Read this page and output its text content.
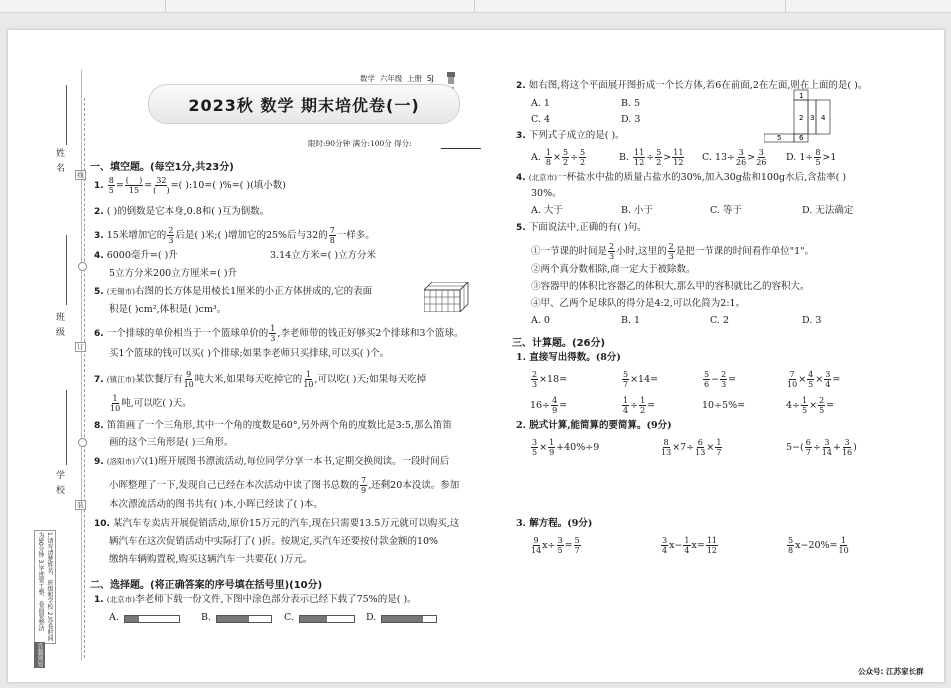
姓名
班级
学校
线
订
装
1.请写清楚姓名、班级和学校 2.答卷时间为90分钟 3.字迹要工整、卷面要整洁
答题须知
数学 六年级 上册 SJ
2023秋 数学 期末培优卷(一)
限时:90分钟 满分:100分 得分:
一、填空题。(每空1分,共23分)
1. $\frac{8}{5} = \frac{( )}{15} = \frac{32}{( )}$ =( ):10=( )%=( )(填小数)
2. ( )的倒数是它本身,0.8和( )互为倒数。
3. 15米增加它的 $\frac{2}{3}$ 后是( )米;( )增加它的25%后与32的 $\frac{7}{8}$ 一样多。
4. 6000毫升=( )升	3.14立方米=( )立方分米
5立方分米200立方厘米=( )升
5. (无锡市)右图的长方体是用棱长1厘米的小正方体拼成的,它的表面
积是( )cm²,体积是( )cm³。
6. 一个排球的单价相当于一个篮球单价的 $\frac{1}{3}$ ,李老师带的钱正好够买2个排球和3个篮球。
买1个篮球的钱可以买( )个排球;如果李老师只买排球,可以买( )个。
7. (镇江市)某饮餐厅有 $\frac{9}{10}$ 吨大米,如果每天吃掉它的 $\frac{1}{10}$ ,可以吃( )天;如果每天吃掉
$\frac{1}{10}$ 吨,可以吃( )天。
8. 笛笛画了一个三角形,其中一个角的度数是60°,另外两个角的度数比是3:5,那么笛笛
画的这个三角形是( )三角形。
9. (洛阳市)六(1)班开展图书漂流活动,每位同学分享一本书,定期交换阅读。一段时间后
小晖整理了一下,发现自己已经在本次活动中读了图书总数的 $\frac{7}{9}$ ,还剩20本没读。参加
本次漂流活动的图书共有( )本,小晖已经读了( )本。
10. 某汽车专卖店开展促销活动,原价15万元的汽车,现在只需要13.5万元就可以购买,这
辆汽车在这次促销活动中实际打了( )折。按规定,买汽车还要按付款金额的10%
缴纳车辆购置税,购买这辆汽车一共要花( )万元。
二、选择题。(将正确答案的序号填在括号里)(10分)
1. (北京市)李老师下载一份文件,下图中涂色部分表示已经下载了75%的是( )。
A.	B.	C.	D.
2. 如右图,将这个平面展开图折成一个长方体,若6在前面,2在左面,则在上面的是( )。
A. 1	B. 5
C. 4	D. 3
1
2 3 4
5	6
3. 下列式子成立的是( )。
A. $\frac{1}{8} \times \frac{5}{2} \div \frac{5}{2}$	B. $\frac{11}{12} \div \frac{5}{2} > \frac{11}{12} C$. $13\div \frac{3}{26} > \frac{3}{26} D$. $1\div \frac{8}{5} >1$
4. (北京市)一杯盐水中盐的质量占盐水的30%,加入30g盐和100g水后,含盐率( )
30%。
A. 大于	B. 小于	C. 等于	D. 无法确定
5. 下面说法中,正确的有( )句。
①一节课的时间是 $\frac{2}{3}$ 小时,这里的 $\frac{2}{3}$ 是把一节课的时间看作单位"1"。
②两个真分数相除,商一定大于被除数。
③容器甲的体积比容器乙的体积大,那么甲的容积就比乙的容积大。
④甲、乙两个足球队的得分是4:2,可以化简为2:1。
A. 0	B. 1	C. 2	D. 3
三、计算题。(26分)
1. 直接写出得数。(8分)
$\frac{2}{3} \times 18=$	$\frac{5}{7} \times 14=$	$\frac{5}{6} - \frac{2}{3}$ =	$\frac{7}{10} \times \frac{4}{5} \times \frac{3}{4}$ =
$16\div \frac{4}{9}$ =	$\frac{1}{4} \div \frac{1}{2}$ =	10÷5%=	$4\div \frac{1}{5} \times \frac{2}{5}$ =
2. 脱式计算,能简算的要简算。(9分)
$\frac{3}{5} \times \frac{1}{9} +40\%\div 9$	$\frac{8}{13} \times 7\div \frac{6}{13} \times \frac{1}{7}$	$5-( \frac{6}{7} \div \frac{3}{14} + \frac{3}{16}$ )
3. 解方程。(9分)
$\frac{9}{14} x\div \frac{3}{5} = \frac{5}{7}$	$\frac{3}{4} x- \frac{1}{4} x= \frac{11}{12}$	$\frac{5}{8} x-20\%= \frac{1}{10}$
公众号: 江苏家长群
